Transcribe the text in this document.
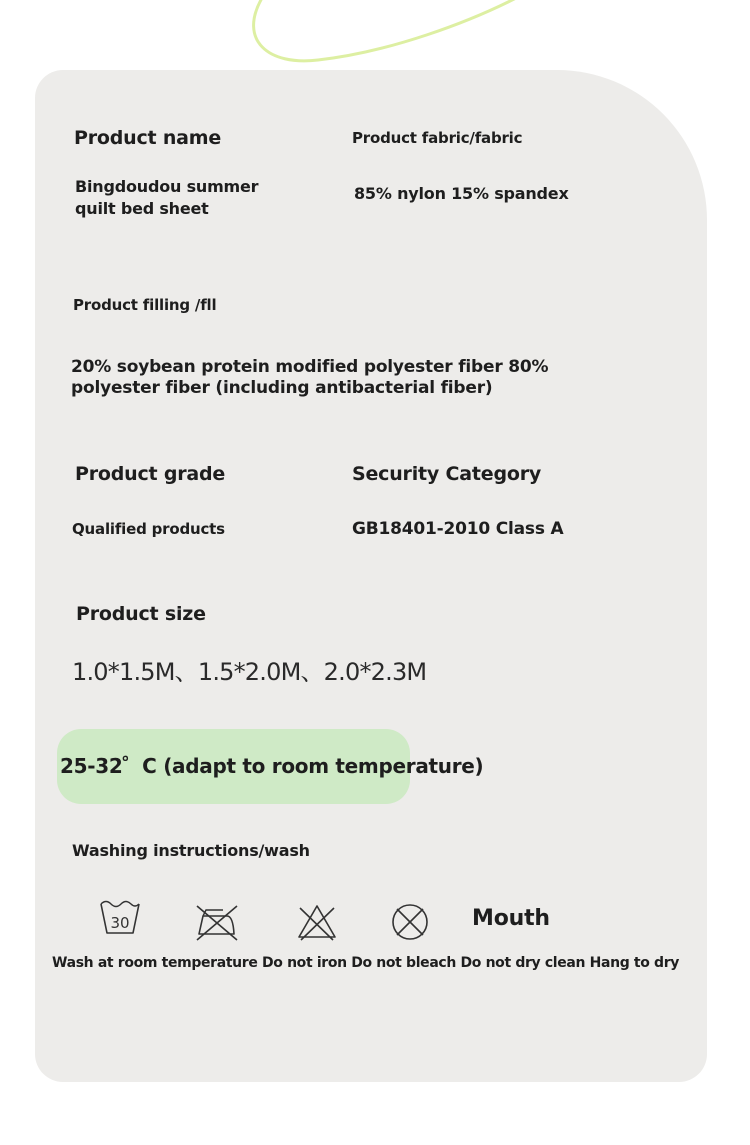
Product name
Bingdoudou summer
quilt bed sheet
Product fabric/fabric
85% nylon 15% spandex
Product filling /fll
20% soybean protein modified polyester fiber 80%
polyester fiber (including antibacterial fiber)
Product grade
Qualified products
Security Category
GB18401-2010 Class A
Product size
1.0*1.5M、1.5*2.0M、2.0*2.3M
25-32゜C (adapt to room temperature)
Washing instructions/wash
30	Mouth
Wash at room temperature Do not iron Do not bleach Do not dry clean Hang to dry
